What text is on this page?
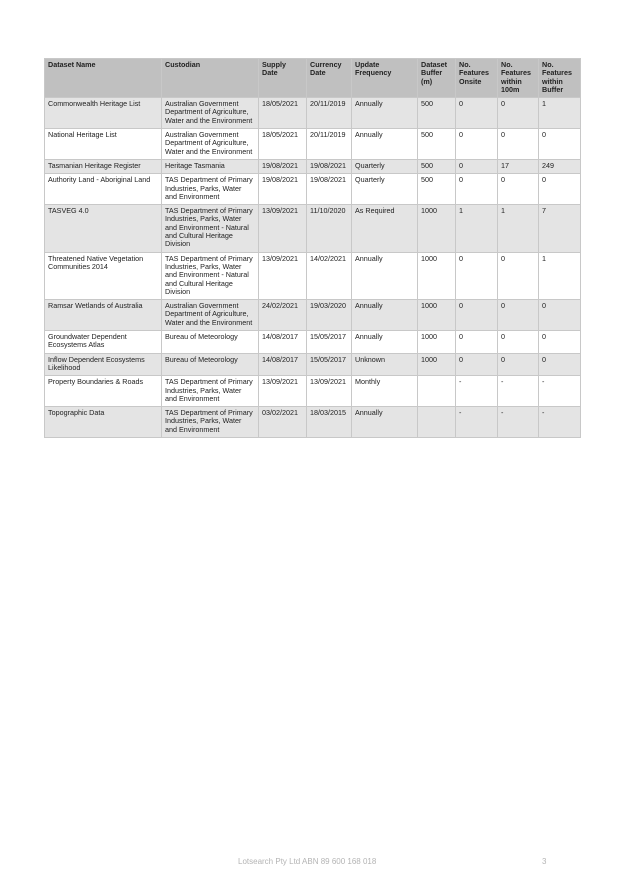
Dataset Name	Custodian	Supply Date	Currency Date	Update Frequency	Dataset Buffer (m)	No. Features Onsite	No. Features within 100m	No. Features within Buffer
Commonwealth Heritage List	Australian Government Department of Agriculture, Water and the Environment	18/05/2021	20/11/2019	Annually	500	0	0	1
National Heritage List	Australian Government Department of Agriculture, Water and the Environment	18/05/2021	20/11/2019	Annually	500	0	0	0
Tasmanian Heritage Register	Heritage Tasmania	19/08/2021	19/08/2021	Quarterly	500	0	17	249
Authority Land - Aboriginal Land	TAS Department of Primary Industries, Parks, Water and Environment	19/08/2021	19/08/2021	Quarterly	500	0	0	0
TASVEG 4.0	TAS Department of Primary Industries, Parks, Water and Environment - Natural and Cultural Heritage Division	13/09/2021	11/10/2020	As Required	1000	1	1	7
Threatened Native Vegetation Communities 2014	TAS Department of Primary Industries, Parks, Water and Environment - Natural and Cultural Heritage Division	13/09/2021	14/02/2021	Annually	1000	0	0	1
Ramsar Wetlands of Australia	Australian Government Department of Agriculture, Water and the Environment	24/02/2021	19/03/2020	Annually	1000	0	0	0
Groundwater Dependent Ecosystems Atlas	Bureau of Meteorology	14/08/2017	15/05/2017	Annually	1000	0	0	0
Inflow Dependent Ecosystems Likelihood	Bureau of Meteorology	14/08/2017	15/05/2017	Unknown	1000	0	0	0
Property Boundaries & Roads	TAS Department of Primary Industries, Parks, Water and Environment	13/09/2021	13/09/2021	Monthly		-	-	-
Topographic Data	TAS Department of Primary Industries, Parks, Water and Environment	03/02/2021	18/03/2015	Annually		-	-	-
Lotsearch Pty Ltd ABN 89 600 168 018	3
